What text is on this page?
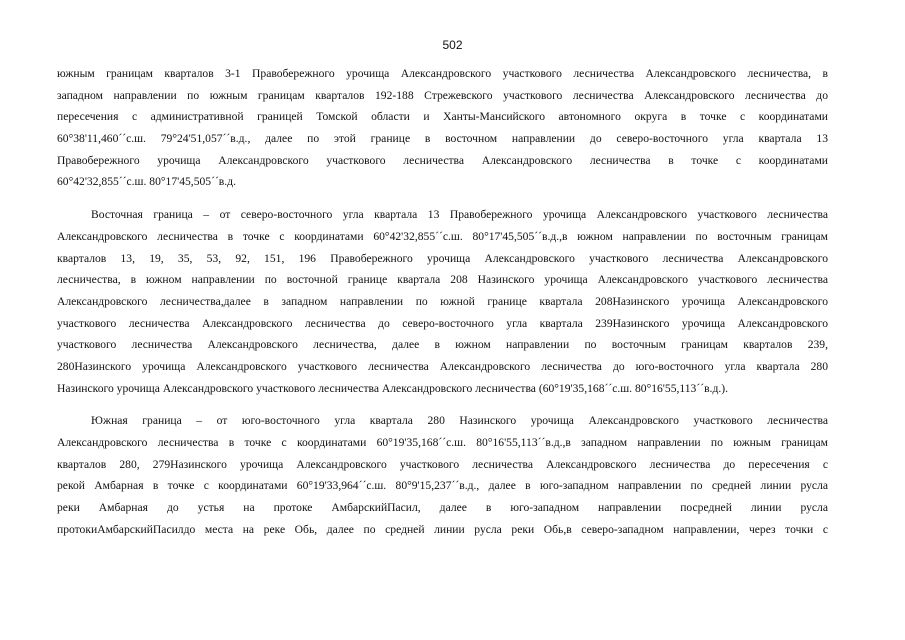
502
южным границам кварталов 3-1 Правобережного урочища Александровского участкового лесничества Александровского лесничества, в
западном направлении по южным границам кварталов 192-188 Стрежевского участкового лесничества Александровского лесничества до
пересечения с административной границей Томской области и Ханты-Мансийского автономного округа в точке с координатами
60°38'11,460´´с.ш. 79°24'51,057´´в.д., далее по этой границе в восточном направлении до северо-восточного угла квартала 13
Правобережного урочища Александровского участкового лесничества Александровского лесничества в точке с координатами
60°42'32,855´´с.ш. 80°17'45,505´´в.д.
Восточная граница – от северо-восточного угла квартала 13 Правобережного урочища Александровского участкового лесничества
Александровского лесничества в точке с координатами 60°42'32,855´´с.ш. 80°17'45,505´´в.д.,в южном направлении по восточным границам
кварталов 13, 19, 35, 53, 92, 151, 196 Правобережного урочища Александровского участкового лесничества Александровского
лесничества, в южном направлении по восточной границе квартала 208 Назинского урочища Александровского участкового лесничества
Александровского лесничества,далее в западном направлении по южной границе квартала 208Назинского урочища Александровского
участкового лесничества Александровского лесничества до северо-восточного угла квартала 239Назинского урочища Александровского
участкового лесничества Александровского лесничества, далее в южном направлении по восточным границам кварталов 239,
280Назинского урочища Александровского участкового лесничества Александровского лесничества до юго-восточного угла квартала 280
Назинского урочища Александровского участкового лесничества Александровского лесничества (60°19'35,168´´с.ш. 80°16'55,113´´в.д.).
Южная граница – от юго-восточного угла квартала 280 Назинского урочища Александровского участкового лесничества
Александровского лесничества в точке с координатами 60°19'35,168´´с.ш. 80°16'55,113´´в.д.,в западном направлении по южным границам
кварталов 280, 279Назинского урочища Александровского участкового лесничества Александровского лесничества до пересечения с
рекой Амбарная в точке с координатами 60°19'33,964´´с.ш. 80°9'15,237´´в.д., далее в юго-западном направлении по средней линии русла
реки Амбарная до устья на протоке АмбарскийПасил, далее в юго-западном направлении посредней линии русла
протокиАмбарскийПасилдо места на реке Обь, далее по средней линии русла реки Обь,в северо-западном направлении, через точки с
